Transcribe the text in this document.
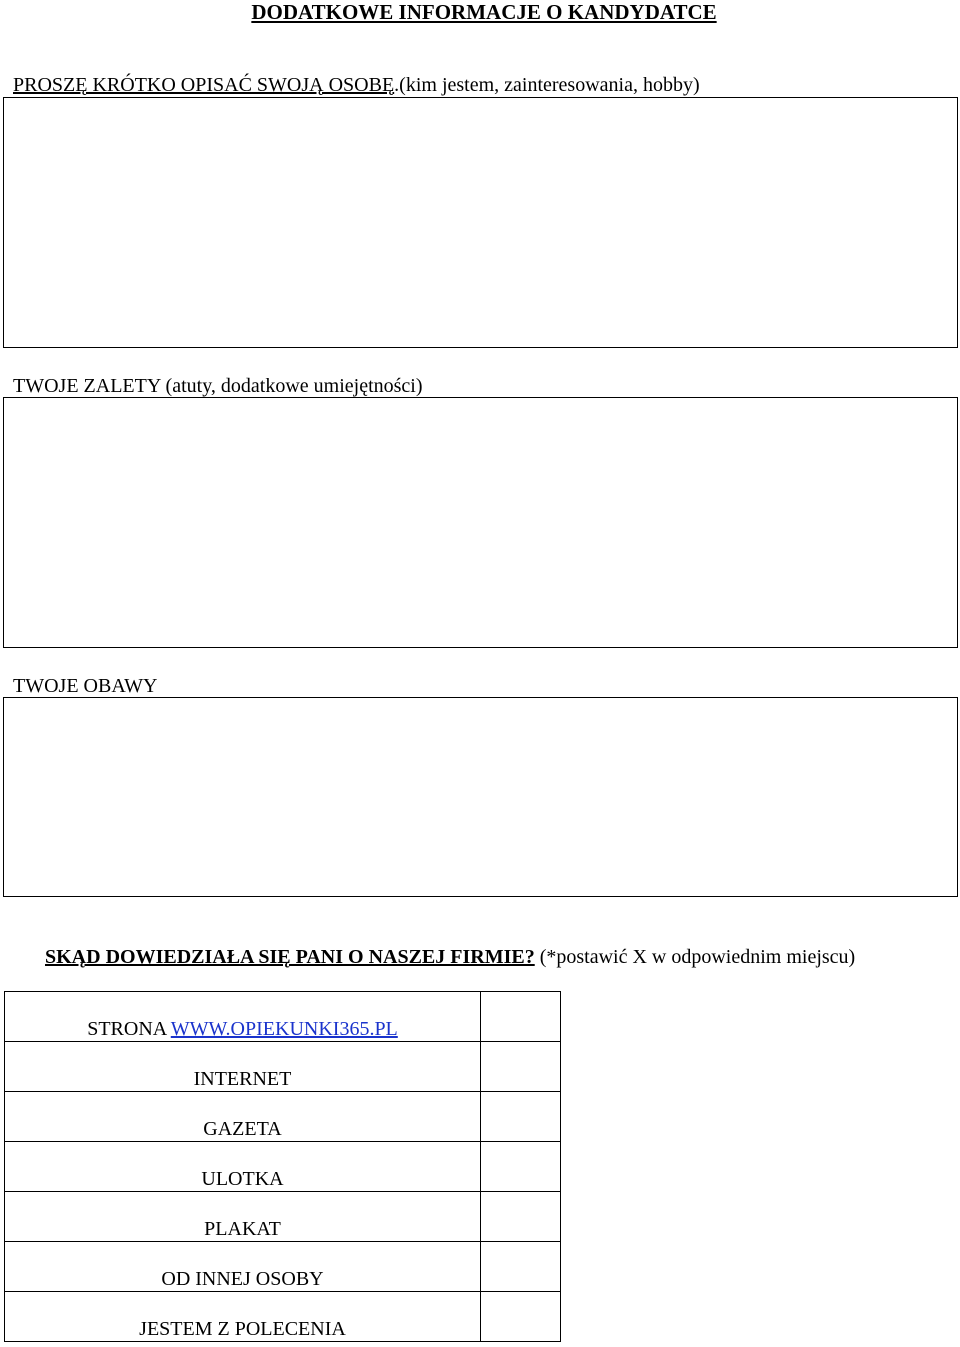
DODATKOWE INFORMACJE O KANDYDATCE
PROSZĘ KRÓTKO OPISAĆ SWOJĄ OSOBĘ.(kim jestem, zainteresowania, hobby)
TWOJE ZALETY (atuty, dodatkowe umiejętności)
TWOJE OBAWY
SKĄD DOWIEDZIAŁA SIĘ PANI O NASZEJ FIRMIE? (*postawić X w odpowiednim miejscu)
STRONA WWW.OPIEKUNKI365.PL	
INTERNET	
GAZETA	
ULOTKA	
PLAKAT	
OD INNEJ OSOBY	
JESTEM Z POLECENIA	
